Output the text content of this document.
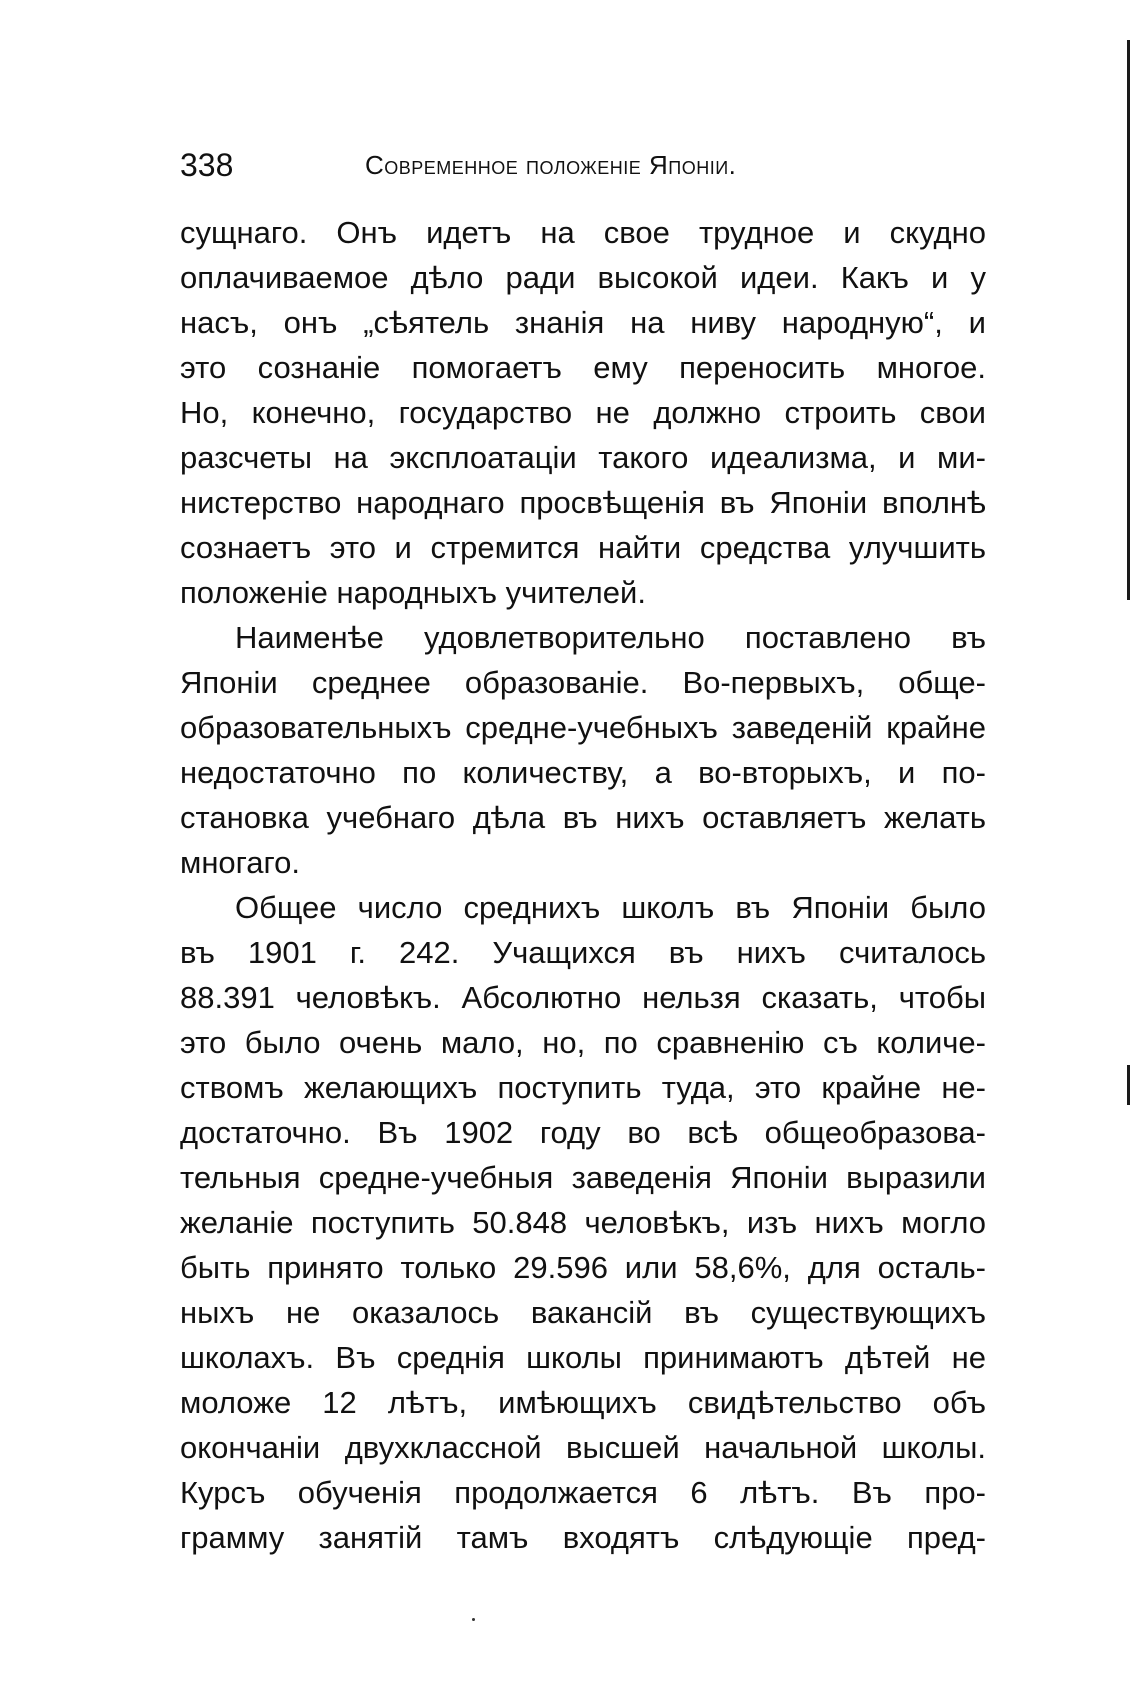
338	Современное положеніе Японіи.
сущнаго. Онъ идетъ на свое трудное и скудно
оплачиваемое дѣло ради высокой идеи. Какъ и у
насъ, онъ „сѣятель знанія на ниву народную“, и
это сознаніе помогаетъ ему переносить многое.
Но, конечно, государство не должно строить свои
разсчеты на эксплоатаціи такого идеализма, и ми-
нистерство народнаго просвѣщенія въ Японіи вполнѣ
сознаетъ это и стремится найти средства улучшить
положеніе народныхъ учителей.
Наименѣе удовлетворительно поставлено въ
Японіи среднее образованіе. Во-первыхъ, обще-
образовательныхъ средне-учебныхъ заведеній крайне
недостаточно по количеству, а во-вторыхъ, и по-
становка учебнаго дѣла въ нихъ оставляетъ желать
многаго.
Общее число среднихъ школъ въ Японіи было
въ 1901 г. 242. Учащихся въ нихъ считалось
88.391 человѣкъ. Абсолютно нельзя сказать, чтобы
это было очень мало, но, по сравненію съ количе-
ствомъ желающихъ поступить туда, это крайне не-
достаточно. Въ 1902 году во всѣ общеобразова-
тельныя средне-учебныя заведенія Японіи выразили
желаніе поступить 50.848 человѣкъ, изъ нихъ могло
быть принято только 29.596 или 58,6%, для осталь-
ныхъ не оказалось вакансій въ существующихъ
школахъ. Въ среднія школы принимаютъ дѣтей не
моложе 12 лѣтъ, имѣющихъ свидѣтельство объ
окончаніи двухклассной высшей начальной школы.
Курсъ обученія продолжается 6 лѣтъ. Въ про-
грамму занятій тамъ входятъ слѣдующіе пред-
